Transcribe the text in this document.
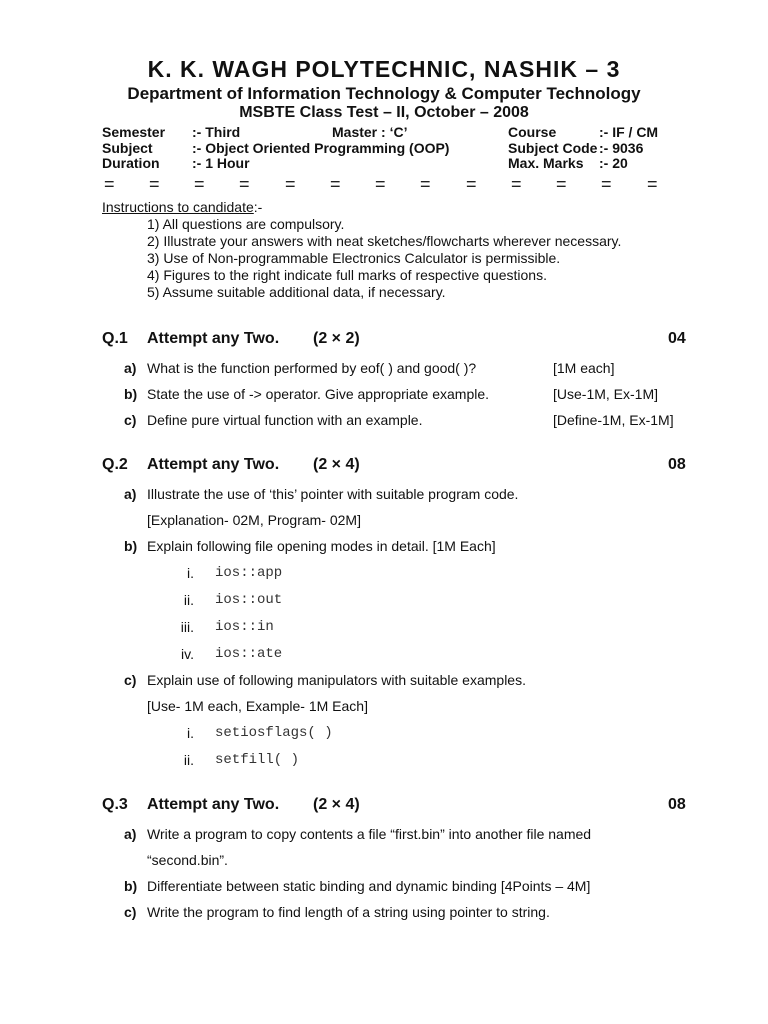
K. K. WAGH POLYTECHNIC, NASHIK – 3
Department of Information Technology & Computer Technology
MSBTE Class Test – II, October – 2008
Semester :- Third	Master : ‘C’	Course	:- IF / CM
Subject	:- Object Oriented Programming (OOP)	Subject Code :- 9036
Duration :- 1 Hour	Max. Marks :- 20
= = = = = = = = = = = = =
Instructions to candidate:-
1) All questions are compulsory.
2) Illustrate your answers with neat sketches/flowcharts wherever necessary.
3) Use of Non-programmable Electronics Calculator is permissible.
4) Figures to the right indicate full marks of respective questions.
5) Assume suitable additional data, if necessary.
Q.1 Attempt any Two. (2 × 2)	04
a) What is the function performed by eof( ) and good( )?	[1M each]
b) State the use of -> operator. Give appropriate example.	[Use-1M, Ex-1M]
c) Define pure virtual function with an example.	[Define-1M, Ex-1M]
Q.2 Attempt any Two. (2 × 4)	08
a) Illustrate the use of ‘this’ pointer with suitable program code.
[Explanation- 02M, Program- 02M]
b) Explain following file opening modes in detail. [1M Each]
i. ios::app
ii. ios::out
iii. ios::in
iv. ios::ate
c) Explain use of following manipulators with suitable examples.
[Use- 1M each, Example- 1M Each]
i. setiosflags( )
ii. setfill( )
Q.3 Attempt any Two. (2 × 4)	08
a) Write a program to copy contents a file “first.bin” into another file named
“second.bin”.
b) Differentiate between static binding and dynamic binding [4Points – 4M]
c) Write the program to find length of a string using pointer to string.
